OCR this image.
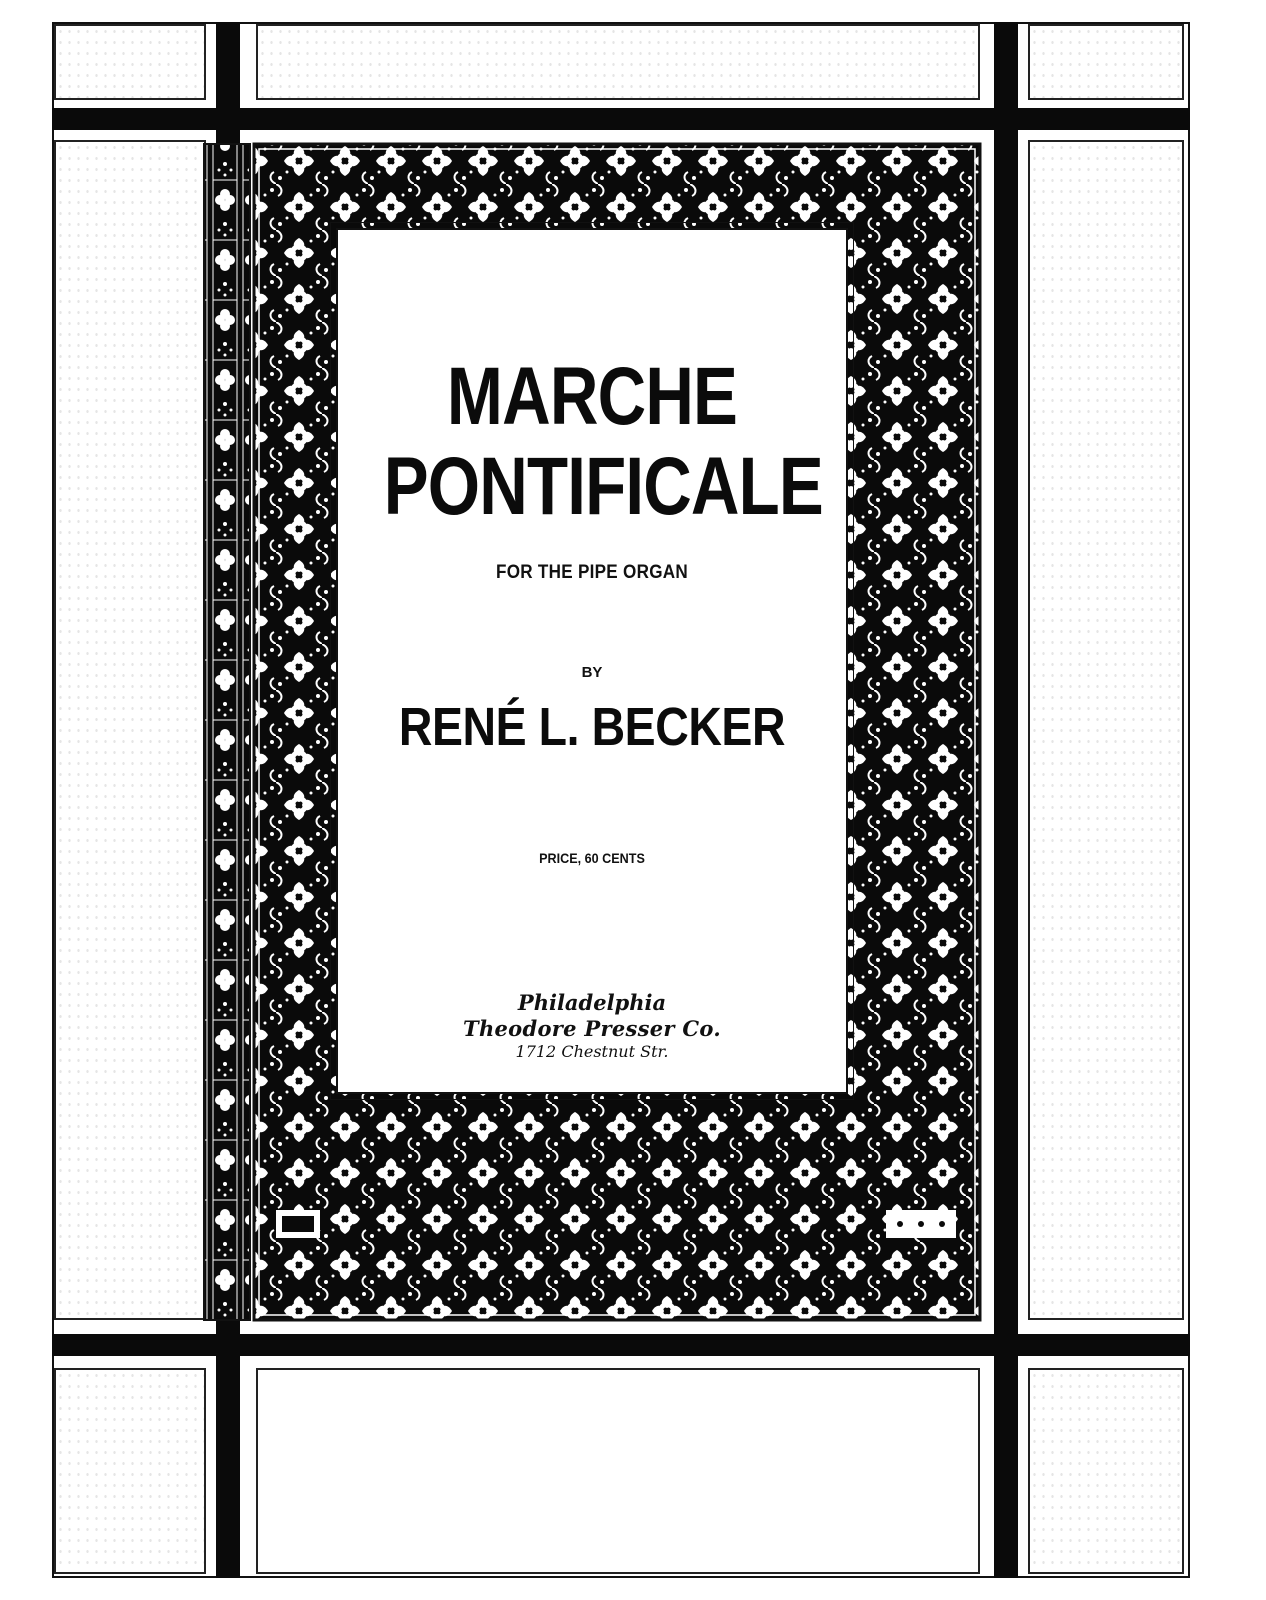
MARCHE
PONTIFICALE
FOR THE PIPE ORGAN
BY
RENÉ L. BECKER
PRICE, 60 CENTS
Philadelphia
Theodore Presser Co.
1712 Chestnut Str.
